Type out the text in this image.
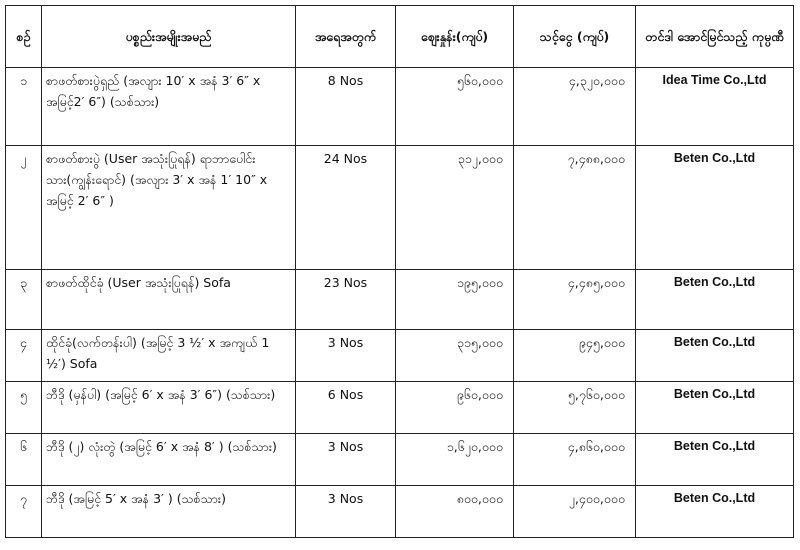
စဉ်	ပစ္စည်းအမျိုးအမည်	အရေအတွက်	ဈေးနှုန်း(ကျပ်)	သင့်ငွေ (ကျပ်)	တင်ဒါ အောင်မြင်သည့် ကုမ္ပဏီ
၁	စာဖတ်စားပွဲရှည် (အလျား 10′ x အနံ 3′ 6″ x အမြင့်2′ 6″) (သစ်သား)	8 Nos	၅၆၀,၀၀၀	၄,၃၂၀,၀၀၀	Idea Time Co.,Ltd
၂	စာဖတ်စားပွဲ (User အသုံးပြုရန်) ရာဘာပေါင်းသား(ကျွန်းရောင်) (အလျား 3′ x အနံ 1′ 10″ x အမြင့် 2′ 6″ )	24 Nos	၃၁၂,၀၀၀	၇,၄၈၈,၀၀၀	Beten Co.,Ltd
၃	စာဖတ်ထိုင်ခုံ (User အသုံးပြုရန်) Sofa	23 Nos	၁၉၅,၀၀၀	၄,၄၈၅,၀၀၀	Beten Co.,Ltd
၄	ထိုင်ခုံ(လက်တန်းပါ) (အမြင့် 3 ½′ x အကျယ် 1 ½′) Sofa	3 Nos	၃၁၅,၀၀၀	၉၄၅,၀၀၀	Beten Co.,Ltd
၅	ဘီဒို (မှန်ပါ) (အမြင့် 6′ x အနံ 3′ 6″) (သစ်သား)	6 Nos	၉၆၀,၀၀၀	၅,၇၆၀,၀၀၀	Beten Co.,Ltd
၆	ဘီဒို (၂) လုံးတွဲ (အမြင့် 6′ x အနံ 8′ ) (သစ်သား)	3 Nos	၁,၆၂၀,၀၀၀	၄,၈၆၀,၀၀၀	Beten Co.,Ltd
၇	ဘီဒို (အမြင့် 5′ x အနံ 3′ ) (သစ်သား)	3 Nos	၈၀၀,၀၀၀	၂,၄၀၀,၀၀၀	Beten Co.,Ltd
